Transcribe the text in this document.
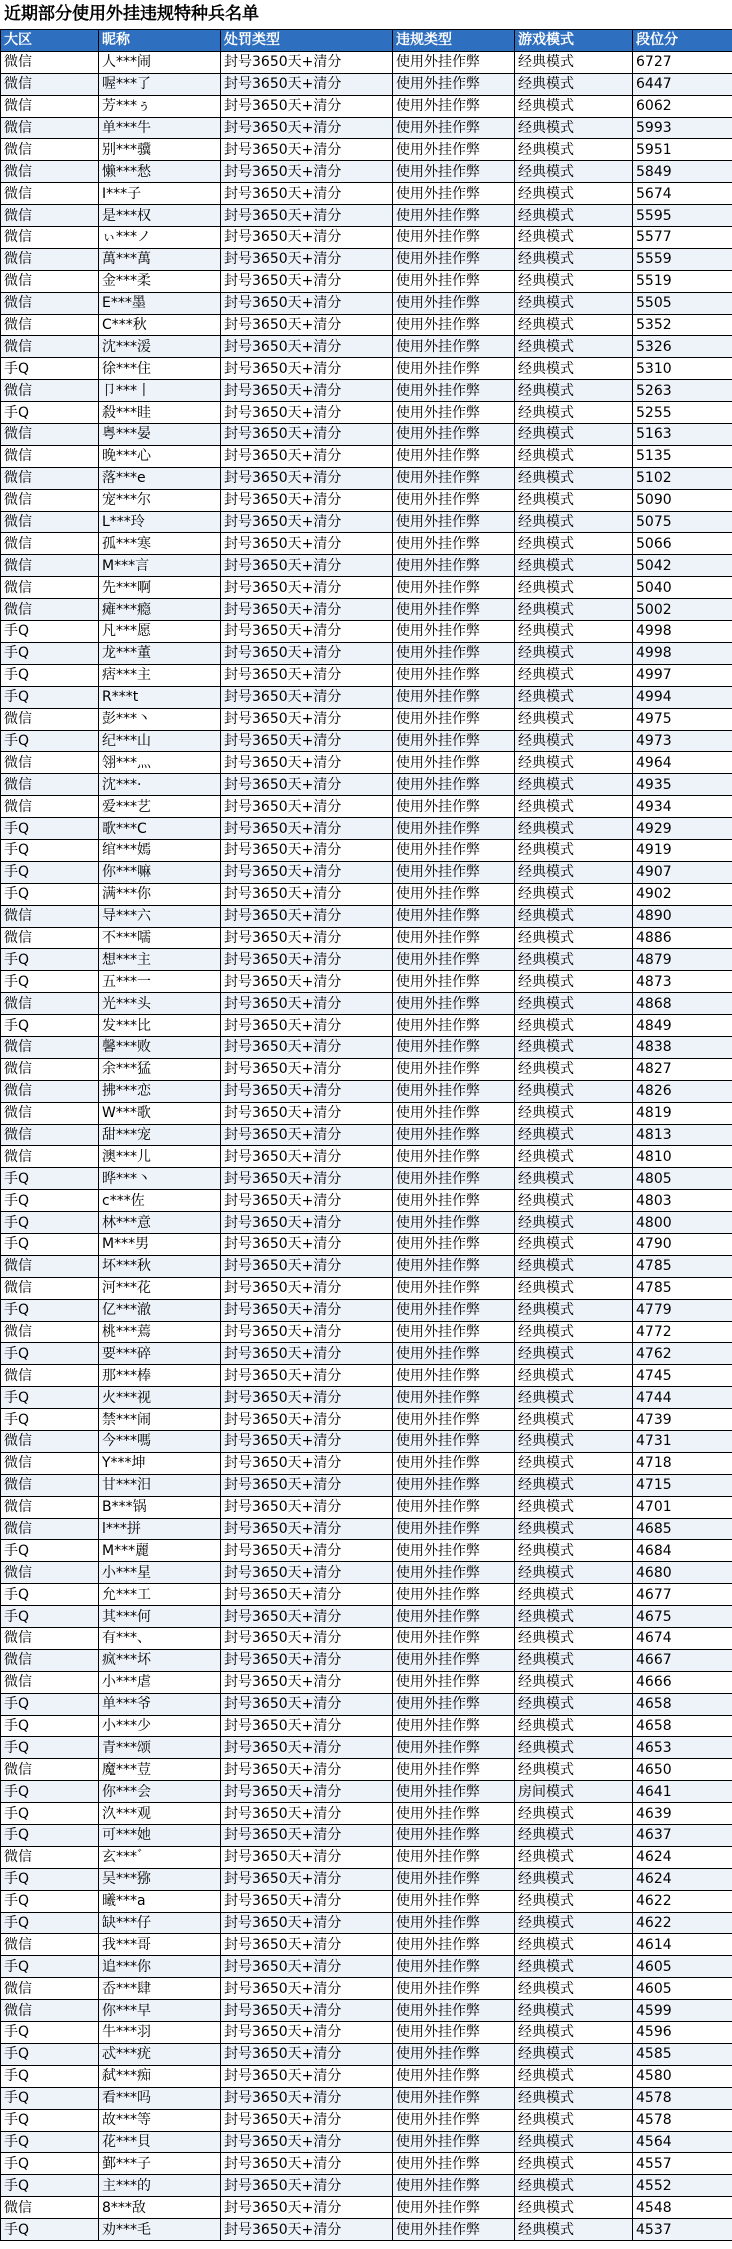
近期部分使用外挂违规特种兵名单
大区	昵称	处罚类型	违规类型	游戏模式	段位分
微信	人***闹	封号3650天+清分	使用外挂作弊	经典模式	6727
微信	喔***了	封号3650天+清分	使用外挂作弊	经典模式	6447
微信	芳***ぅ	封号3650天+清分	使用外挂作弊	经典模式	6062
微信	单***牛	封号3650天+清分	使用外挂作弊	经典模式	5993
微信	别***骥	封号3650天+清分	使用外挂作弊	经典模式	5951
微信	懒***愁	封号3650天+清分	使用外挂作弊	经典模式	5849
微信	I***子	封号3650天+清分	使用外挂作弊	经典模式	5674
微信	是***权	封号3650天+清分	使用外挂作弊	经典模式	5595
微信	ぃ***ノ	封号3650天+清分	使用外挂作弊	经典模式	5577
微信	萬***萬	封号3650天+清分	使用外挂作弊	经典模式	5559
微信	金***柔	封号3650天+清分	使用外挂作弊	经典模式	5519
微信	E***墨	封号3650天+清分	使用外挂作弊	经典模式	5505
微信	C***秋	封号3650天+清分	使用外挂作弊	经典模式	5352
微信	沈***湲	封号3650天+清分	使用外挂作弊	经典模式	5326
手Q	徐***住	封号3650天+清分	使用外挂作弊	经典模式	5310
微信	卩***丨	封号3650天+清分	使用外挂作弊	经典模式	5263
手Q	殺***眭	封号3650天+清分	使用外挂作弊	经典模式	5255
微信	粤***晏	封号3650天+清分	使用外挂作弊	经典模式	5163
微信	晚***心	封号3650天+清分	使用外挂作弊	经典模式	5135
微信	落***e	封号3650天+清分	使用外挂作弊	经典模式	5102
微信	宠***尔	封号3650天+清分	使用外挂作弊	经典模式	5090
微信	L***玲	封号3650天+清分	使用外挂作弊	经典模式	5075
微信	孤***寒	封号3650天+清分	使用外挂作弊	经典模式	5066
微信	M***言	封号3650天+清分	使用外挂作弊	经典模式	5042
微信	先***啊	封号3650天+清分	使用外挂作弊	经典模式	5040
微信	瘫***瘾	封号3650天+清分	使用外挂作弊	经典模式	5002
手Q	凡***愿	封号3650天+清分	使用外挂作弊	经典模式	4998
手Q	龙***董	封号3650天+清分	使用外挂作弊	经典模式	4998
手Q	痞***主	封号3650天+清分	使用外挂作弊	经典模式	4997
手Q	R***t	封号3650天+清分	使用外挂作弊	经典模式	4994
微信	彭***丶	封号3650天+清分	使用外挂作弊	经典模式	4975
手Q	纪***山	封号3650天+清分	使用外挂作弊	经典模式	4973
微信	翎***灬	封号3650天+清分	使用外挂作弊	经典模式	4964
微信	沈***·	封号3650天+清分	使用外挂作弊	经典模式	4935
微信	爱***艺	封号3650天+清分	使用外挂作弊	经典模式	4934
手Q	歌***C	封号3650天+清分	使用外挂作弊	经典模式	4929
手Q	绾***嫣	封号3650天+清分	使用外挂作弊	经典模式	4919
手Q	你***嘛	封号3650天+清分	使用外挂作弊	经典模式	4907
手Q	满***你	封号3650天+清分	使用外挂作弊	经典模式	4902
微信	导***六	封号3650天+清分	使用外挂作弊	经典模式	4890
微信	不***嚅	封号3650天+清分	使用外挂作弊	经典模式	4886
手Q	想***主	封号3650天+清分	使用外挂作弊	经典模式	4879
手Q	五***一	封号3650天+清分	使用外挂作弊	经典模式	4873
微信	光***头	封号3650天+清分	使用外挂作弊	经典模式	4868
手Q	发***比	封号3650天+清分	使用外挂作弊	经典模式	4849
微信	馨***败	封号3650天+清分	使用外挂作弊	经典模式	4838
微信	余***猛	封号3650天+清分	使用外挂作弊	经典模式	4827
微信	拂***恋	封号3650天+清分	使用外挂作弊	经典模式	4826
微信	W***歌	封号3650天+清分	使用外挂作弊	经典模式	4819
微信	甜***宠	封号3650天+清分	使用外挂作弊	经典模式	4813
微信	澳***儿	封号3650天+清分	使用外挂作弊	经典模式	4810
手Q	晔***丶	封号3650天+清分	使用外挂作弊	经典模式	4805
手Q	c***佐	封号3650天+清分	使用外挂作弊	经典模式	4803
手Q	林***意	封号3650天+清分	使用外挂作弊	经典模式	4800
手Q	M***男	封号3650天+清分	使用外挂作弊	经典模式	4790
微信	坏***秋	封号3650天+清分	使用外挂作弊	经典模式	4785
微信	河***花	封号3650天+清分	使用外挂作弊	经典模式	4785
手Q	亿***澈	封号3650天+清分	使用外挂作弊	经典模式	4779
微信	桃***蔫	封号3650天+清分	使用外挂作弊	经典模式	4772
手Q	要***碎	封号3650天+清分	使用外挂作弊	经典模式	4762
微信	那***棒	封号3650天+清分	使用外挂作弊	经典模式	4745
手Q	火***视	封号3650天+清分	使用外挂作弊	经典模式	4744
手Q	禁***闹	封号3650天+清分	使用外挂作弊	经典模式	4739
微信	今***嗎	封号3650天+清分	使用外挂作弊	经典模式	4731
微信	Y***坤	封号3650天+清分	使用外挂作弊	经典模式	4718
微信	甘***汨	封号3650天+清分	使用外挂作弊	经典模式	4715
微信	B***锅	封号3650天+清分	使用外挂作弊	经典模式	4701
微信	l***拼	封号3650天+清分	使用外挂作弊	经典模式	4685
手Q	M***麗	封号3650天+清分	使用外挂作弊	经典模式	4684
微信	小***星	封号3650天+清分	使用外挂作弊	经典模式	4680
手Q	允***工	封号3650天+清分	使用外挂作弊	经典模式	4677
手Q	其***何	封号3650天+清分	使用外挂作弊	经典模式	4675
微信	有***、	封号3650天+清分	使用外挂作弊	经典模式	4674
微信	疯***坏	封号3650天+清分	使用外挂作弊	经典模式	4667
微信	小***虐	封号3650天+清分	使用外挂作弊	经典模式	4666
手Q	单***爷	封号3650天+清分	使用外挂作弊	经典模式	4658
手Q	小***少	封号3650天+清分	使用外挂作弊	经典模式	4658
手Q	青***颂	封号3650天+清分	使用外挂作弊	经典模式	4653
微信	魔***荳	封号3650天+清分	使用外挂作弊	经典模式	4650
手Q	你***会	封号3650天+清分	使用外挂作弊	房间模式	4641
手Q	汣***观	封号3650天+清分	使用外挂作弊	经典模式	4639
手Q	可***她	封号3650天+清分	使用外挂作弊	经典模式	4637
微信	玄***゛	封号3650天+清分	使用外挂作弊	经典模式	4624
手Q	吴***猕	封号3650天+清分	使用外挂作弊	经典模式	4624
手Q	曦***a	封号3650天+清分	使用外挂作弊	经典模式	4622
手Q	缺***仔	封号3650天+清分	使用外挂作弊	经典模式	4622
微信	我***哥	封号3650天+清分	使用外挂作弊	经典模式	4614
手Q	追***你	封号3650天+清分	使用外挂作弊	经典模式	4605
微信	岙***肆	封号3650天+清分	使用外挂作弊	经典模式	4605
微信	你***早	封号3650天+清分	使用外挂作弊	经典模式	4599
手Q	牛***羽	封号3650天+清分	使用外挂作弊	经典模式	4596
手Q	忒***疣	封号3650天+清分	使用外挂作弊	经典模式	4585
手Q	弑***痴	封号3650天+清分	使用外挂作弊	经典模式	4580
手Q	看***吗	封号3650天+清分	使用外挂作弊	经典模式	4578
手Q	故***等	封号3650天+清分	使用外挂作弊	经典模式	4578
手Q	花***貝	封号3650天+清分	使用外挂作弊	经典模式	4564
手Q	鄞***子	封号3650天+清分	使用外挂作弊	经典模式	4557
手Q	主***的	封号3650天+清分	使用外挂作弊	经典模式	4552
微信	8***敌	封号3650天+清分	使用外挂作弊	经典模式	4548
手Q	劝***毛	封号3650天+清分	使用外挂作弊	经典模式	4537
